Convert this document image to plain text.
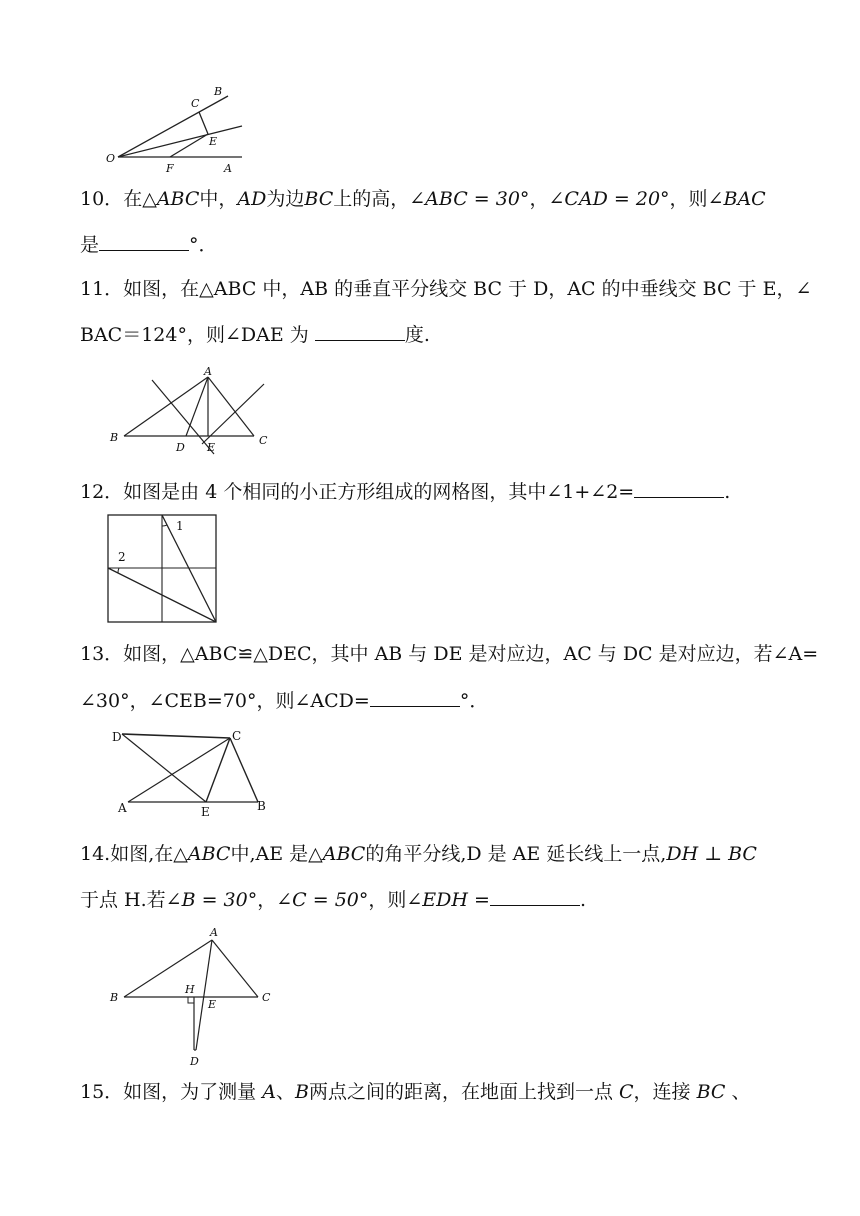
B
C
E
O
F	A
10．在△ABC中，AD为边BC上的高，∠ABC = 30°，∠CAD = 20°，则∠BAC
是	°．
11．如图，在△ABC 中，AB 的垂直平分线交 BC 于 D，AC 的中垂线交 BC 于 E，∠
BAC＝124°，则∠DAE 为	度.
A
B
D E
C
12．如图是由 4 个相同的小正方形组成的网格图，其中∠1+∠2=	.
1
2
13．如图，△ABC≌△DEC，其中 AB 与 DE 是对应边，AC 与 DC 是对应边，若∠A=
∠30°，∠CEB=70°，则∠ACD=	°．
D	C
A	E	B
14.如图,在△ABC中,AE 是△ABC的角平分线,D 是 AE 延长线上一点,DH ⊥ BC
于点 H.若∠B = 30°，∠C = 50°，则∠EDH =	.
A
B
H
E
C
D
15．如图，为了测量 A、B两点之间的距离，在地面上找到一点 C，连接 BC 、
